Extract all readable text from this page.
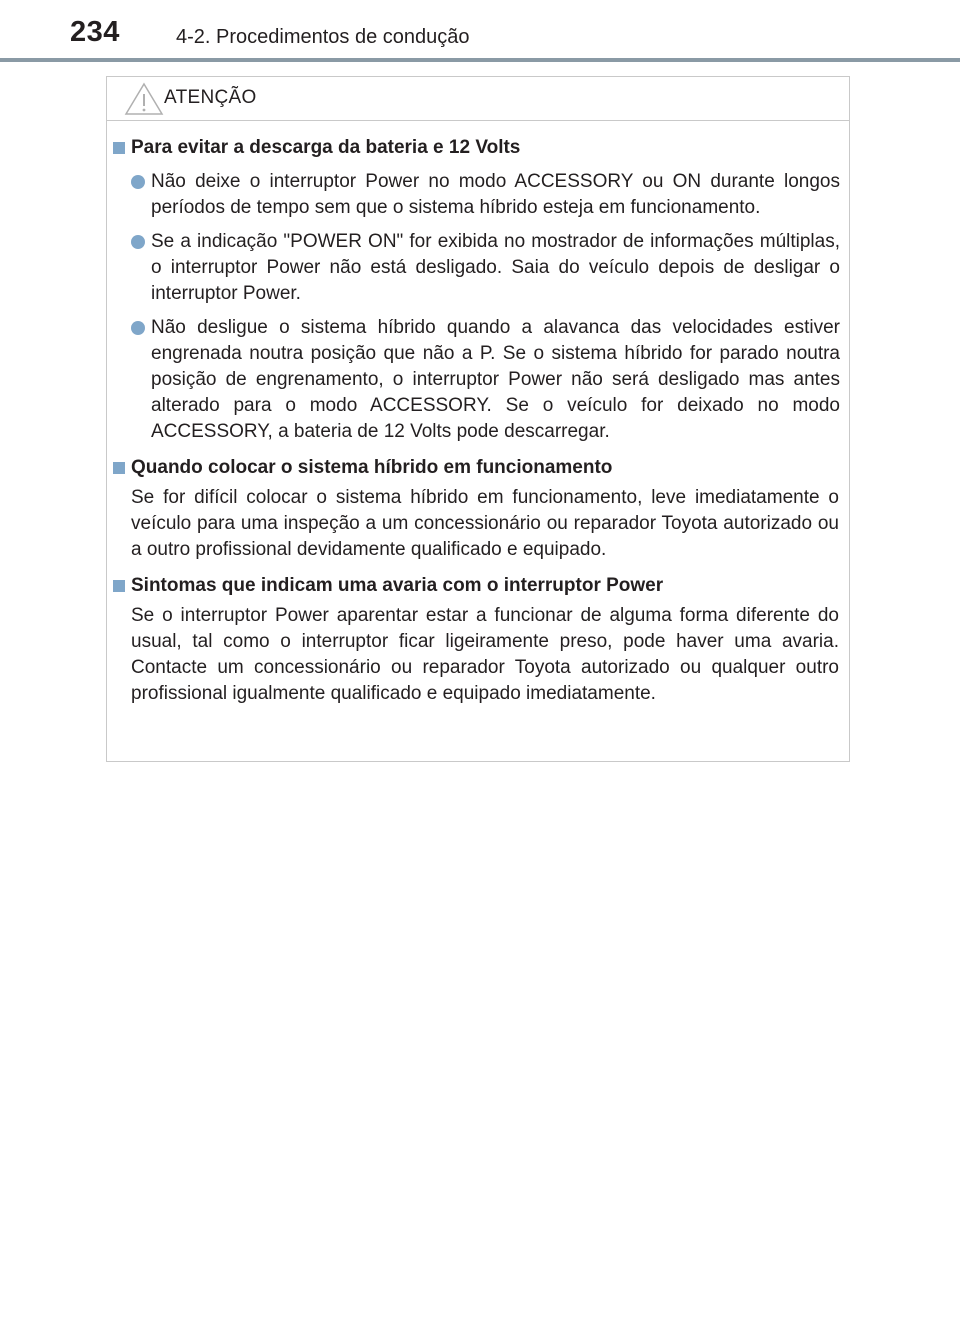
234	4-2. Procedimentos de condução
ATENÇÃO
Para evitar a descarga da bateria e 12 Volts
Não deixe o interruptor Power no modo ACCESSORY ou ON durante longos períodos de tempo sem que o sistema híbrido esteja em funcionamento.
Se a indicação "POWER ON" for exibida no mostrador de informações múltiplas, o interruptor Power não está desligado. Saia do veículo depois de desligar o interruptor Power.
Não desligue o sistema híbrido quando a alavanca das velocidades estiver engrenada noutra posição que não a P. Se o sistema híbrido for parado noutra posição de engrenamento, o interruptor Power não será desligado mas antes alterado para o modo ACCESSORY. Se o veículo for deixado no modo ACCESSORY, a bateria de 12 Volts pode descarregar.
Quando colocar o sistema híbrido em funcionamento
Se for difícil colocar o sistema híbrido em funcionamento, leve imediatamente o veículo para uma inspeção a um concessionário ou reparador Toyota autorizado ou a outro profissional devidamente qualificado e equipado.
Sintomas que indicam uma avaria com o interruptor Power
Se o interruptor Power aparentar estar a funcionar de alguma forma diferente do usual, tal como o interruptor ficar ligeiramente preso, pode haver uma avaria. Contacte um concessionário ou reparador Toyota autorizado ou qualquer outro profissional igualmente qualificado e equipado imediatamente.
